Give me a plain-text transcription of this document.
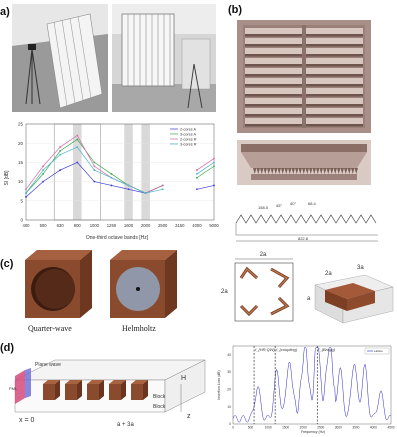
a)
0
5
10
15
20
25
400 500 630 800 1000 1250 1600 2000 2500 3150 4000 5000
2-cores A
3-cores A
2-cores R
3-cores R
SI [dB]
One-third octave bands [Hz]
(b)
158.5 45° 40°	68.4
822.8
(c)
Quarter-wave	Helmholtz
2a
2a
2a
3a
a
(d)
Plane wave
PML
x = 0
Block
Block
a + 3a
H
z
0
10
20
30
40
0	500	1000	1500	2000	2500	3000	3500	4000	4500
f_{HR,QW} f_{coupling}	f_{Bragg}	Lattice
Insertion Loss (dB)
Frequency (Hz)
